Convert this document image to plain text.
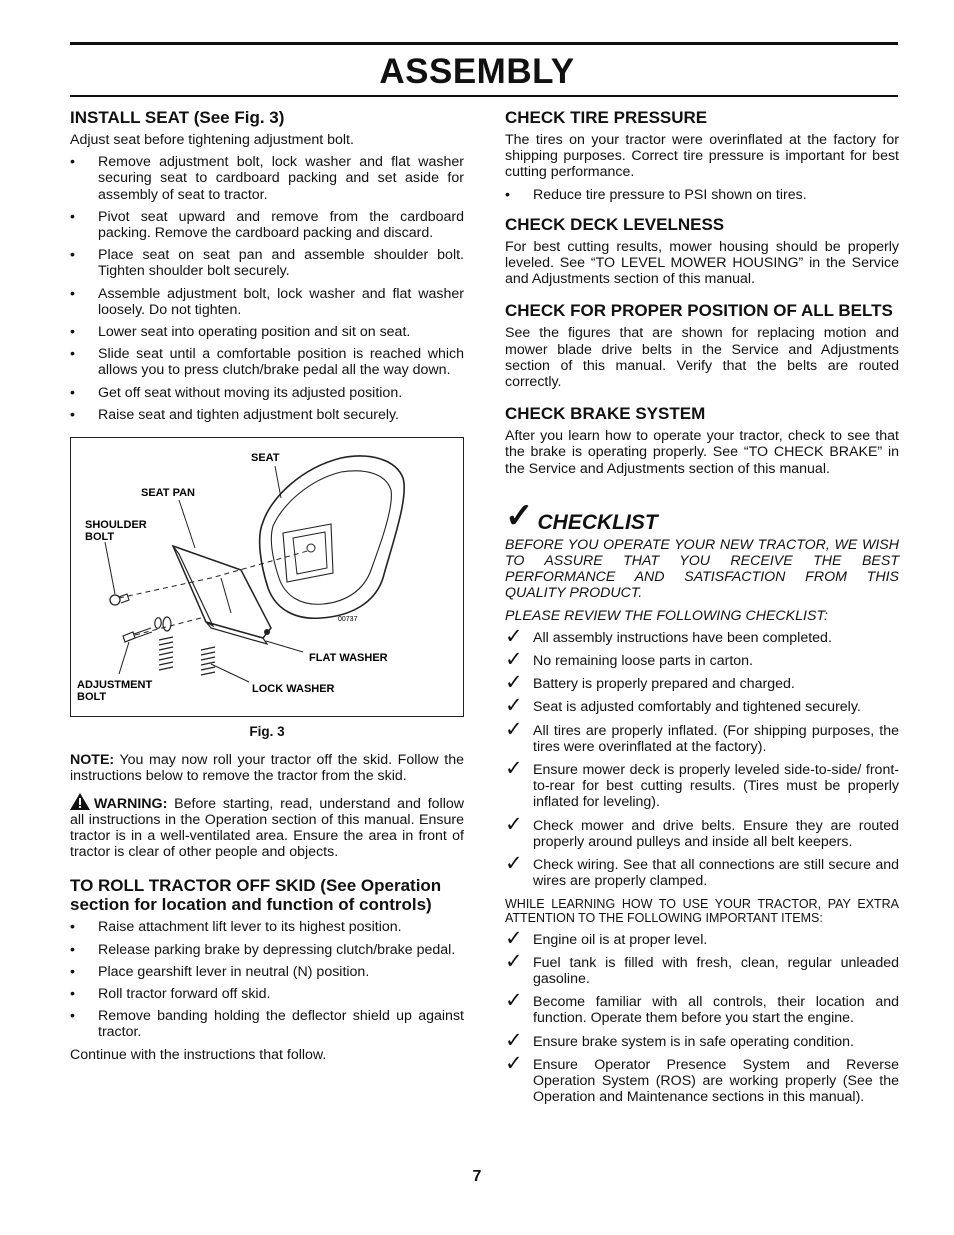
ASSEMBLY
INSTALL SEAT (See Fig. 3)

Adjust seat before tightening adjustment bolt.

• Remove adjustment bolt, lock washer and flat washer securing seat to cardboard packing and set aside for assembly of seat to tractor.
• Pivot seat upward and remove from the cardboard packing. Remove the cardboard packing and discard.
• Place seat on seat pan and assemble shoulder bolt. Tighten shoulder bolt securely.
• Assemble adjustment bolt, lock washer and flat washer loosely. Do not tighten.
• Lower seat into operating position and sit on seat.
• Slide seat until a comfortable position is reached which allows you to press clutch/brake pedal all the way down.
• Get off seat without moving its adjusted position.
• Raise seat and tighten adjustment bolt securely.
SEAT
SEAT PAN
SHOULDER
BOLT
FLAT WASHER
ADJUSTMENT
BOLT
LOCK WASHER
00737
Fig. 3

NOTE: You may now roll your tractor off the skid. Follow the instructions below to remove the tractor from the skid.

WARNING: Before starting, read, understand and follow all instructions in the Operation section of this manual. Ensure tractor is in a well-ventilated area. Ensure the area in front of tractor is clear of other people and objects.

TO ROLL TRACTOR OFF SKID (See Operation section for location and function of controls)
• Raise attachment lift lever to its highest position.
• Release parking brake by depressing clutch/brake pedal.
• Place gearshift lever in neutral (N) position.
• Roll tractor forward off skid.
• Remove banding holding the deflector shield up against tractor.

Continue with the instructions that follow.

CHECK TIRE PRESSURE

The tires on your tractor were overinflated at the factory for shipping purposes. Correct tire pressure is important for best cutting performance.

• Reduce tire pressure to PSI shown on tires.
CHECK DECK LEVELNESS

For best cutting results, mower housing should be properly leveled. See “TO LEVEL MOWER HOUSING” in the Service and Adjustments section of this manual.

CHECK FOR PROPER POSITION OF ALL BELTS

See the figures that are shown for replacing motion and mower blade drive belts in the Service and Adjustments section of this manual. Verify that the belts are routed correctly.

CHECK BRAKE SYSTEM

After you learn how to operate your tractor, check to see that the brake is operating properly. See “TO CHECK BRAKE” in the Service and Adjustments section of this manual.

✓ CHECKLIST

BEFORE YOU OPERATE YOUR NEW TRACTOR, WE WISH TO ASSURE THAT YOU RECEIVE THE BEST PERFORMANCE AND SATISFACTION FROM THIS QUALITY PRODUCT.

PLEASE REVIEW THE FOLLOWING CHECKLIST:

✓ All assembly instructions have been completed.
✓ No remaining loose parts in carton.
✓ Battery is properly prepared and charged.
✓ Seat is adjusted comfortably and tightened securely.
✓ All tires are properly inflated. (For shipping purposes, the tires were overinflated at the factory).
✓ Ensure mower deck is properly leveled side-to-side/ front-to-rear for best cutting results. (Tires must be properly inflated for leveling).
✓ Check mower and drive belts. Ensure they are routed properly around pulleys and inside all belt keepers.
✓ Check wiring. See that all connections are still secure and wires are properly clamped.

WHILE LEARNING HOW TO USE YOUR TRACTOR, PAY EXTRA ATTENTION TO THE FOLLOWING IMPORTANT ITEMS:

✓ Engine oil is at proper level.
✓ Fuel tank is filled with fresh, clean, regular unleaded gasoline.
✓ Become familiar with all controls, their location and function. Operate them before you start the engine.
✓ Ensure brake system is in safe operating condition.
✓ Ensure Operator Presence System and Reverse Operation System (ROS) are working properly (See the Operation and Maintenance sections in this manual).
7
